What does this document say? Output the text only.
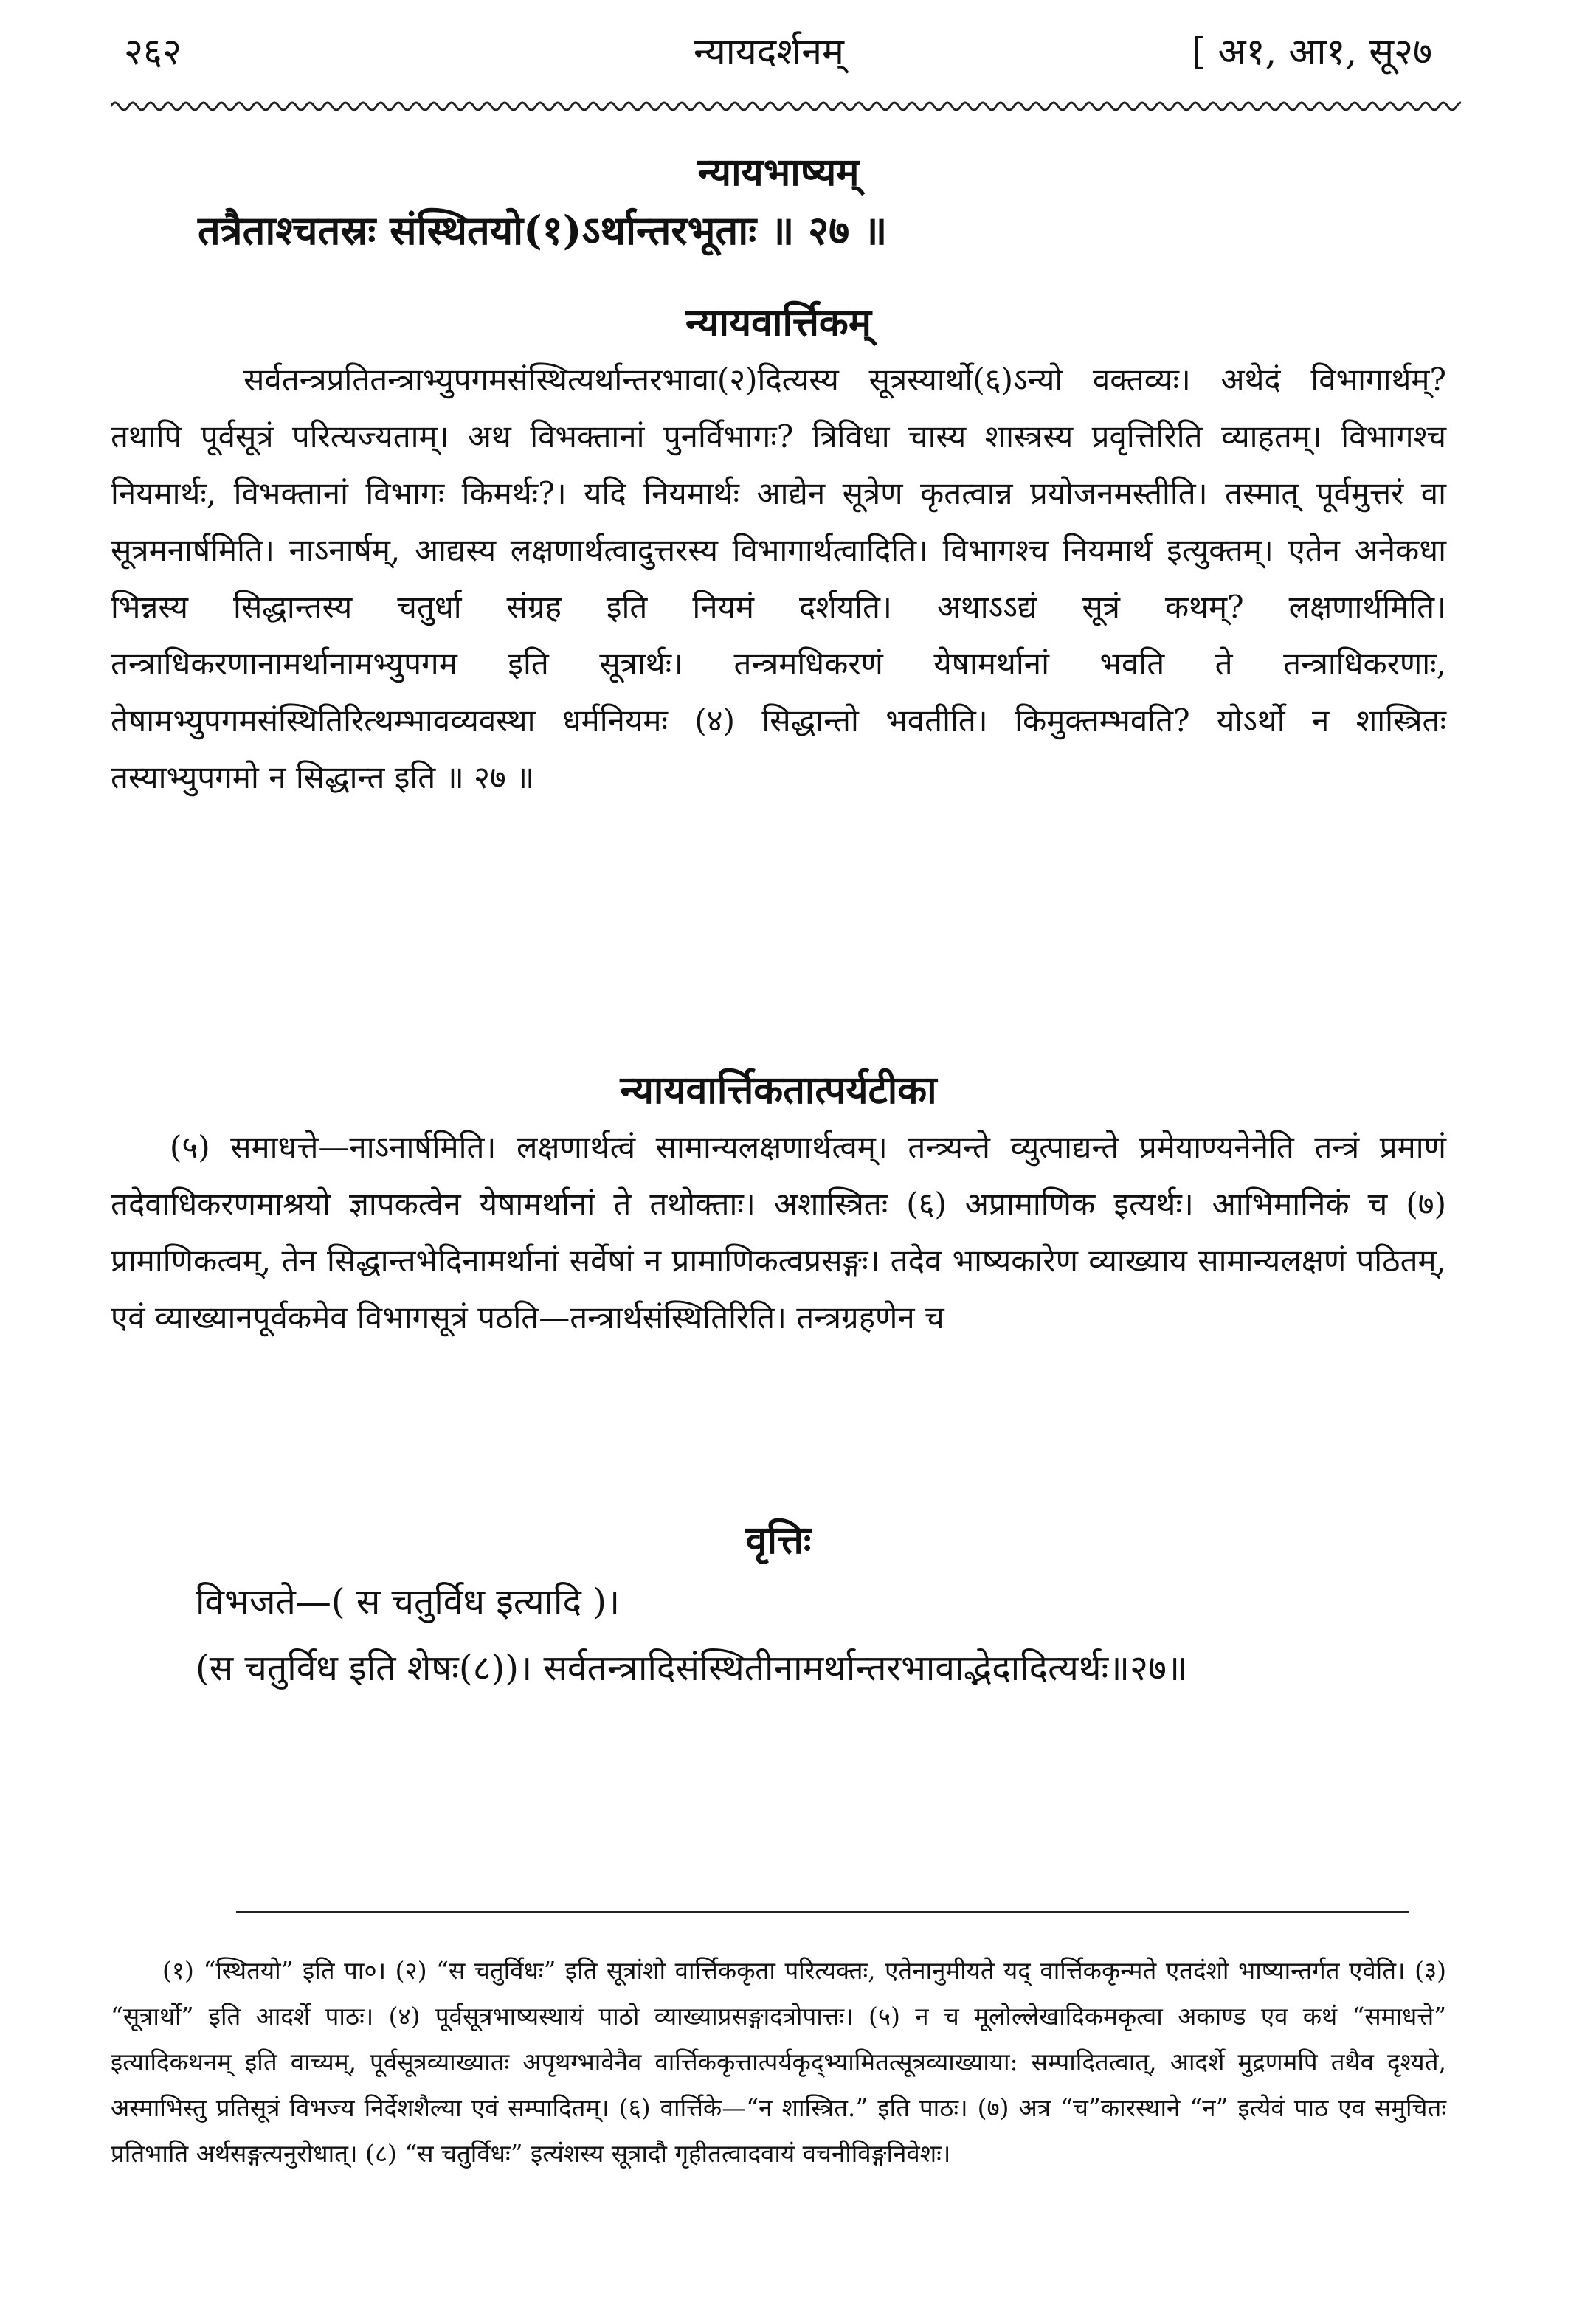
२६२	न्यायदर्शनम्	[ अ१, आ१, सू२७
न्यायभाष्यम्
तत्रैताश्चतस्रः संस्थितयो(१)ऽर्थान्तरभूताः ॥ २७ ॥
न्यायवार्त्तिकम्
सर्वतन्त्रप्रतितन्त्राभ्युपगमसंस्थित्यर्थान्तरभावा(२)दित्यस्य सूत्रस्यार्थो(६)ऽन्यो वक्तव्यः। अथेदं विभागार्थम्? तथापि पूर्वसूत्रं परित्यज्यताम्। अथ विभक्तानां पुनर्विभागः? त्रिविधा चास्य शास्त्रस्य प्रवृत्तिरिति व्याहतम्। विभागश्च नियमार्थः, विभक्तानां विभागः किमर्थः?। यदि नियमार्थः आद्येन सूत्रेण कृतत्वान्न प्रयोजनमस्तीति। तस्मात् पूर्वमुत्तरं वा सूत्रमनार्षमिति। नाऽनार्षम्, आद्यस्य लक्षणार्थत्वादुत्तरस्य विभागार्थत्वादिति। विभागश्च नियमार्थ इत्युक्तम्। एतेन अनेकधा भिन्नस्य सिद्धान्तस्य चतुर्धा संग्रह इति नियमं दर्शयति। अथाऽऽद्यं सूत्रं कथम्? लक्षणार्थमिति। तन्त्राधिकरणानामर्थानामभ्युपगम इति सूत्रार्थः। तन्त्रमधिकरणं येषामर्थानां भवति ते तन्त्राधिकरणाः, तेषामभ्युपगमसंस्थितिरित्थम्भावव्यवस्था धर्मनियमः (४) सिद्धान्तो भवतीति। किमुक्तम्भवति? योऽर्थो न शास्त्रितः तस्याभ्युपगमो न सिद्धान्त इति ॥ २७ ॥
न्यायवार्त्तिकतात्पर्यटीका
(५) समाधत्ते—नाऽनार्षमिति। लक्षणार्थत्वं सामान्यलक्षणार्थत्वम्। तन्त्र्यन्ते व्युत्पाद्यन्ते प्रमेयाण्यनेनेति तन्त्रं प्रमाणं तदेवाधिकरणमाश्रयो ज्ञापकत्वेन येषामर्थानां ते तथोक्ताः। अशास्त्रितः (६) अप्रामाणिक इत्यर्थः। आभिमानिकं च (७) प्रामाणिकत्वम्, तेन सिद्धान्तभेदिनामर्थानां सर्वेषां न प्रामाणिकत्वप्रसङ्गः। तदेव भाष्यकारेण व्याख्याय सामान्यलक्षणं पठितम्, एवं व्याख्यानपूर्वकमेव विभागसूत्रं पठति—तन्त्रार्थसंस्थितिरिति। तन्त्रग्रहणेन च
वृत्तिः
विभजते—( स चतुर्विध इत्यादि )।
(स चतुर्विध इति शेषः(८))। सर्वतन्त्रादिसंस्थितीनामर्थान्तरभावाद्भेदादित्यर्थः॥२७॥
(१) “स्थितयो” इति पा०। (२) “स चतुर्विधः” इति सूत्रांशो वार्त्तिककृता परित्यक्तः, एतेनानुमीयते यद् वार्त्तिककृन्मते एतदंशो भाष्यान्तर्गत एवेति। (३) “सूत्रार्थो” इति आदर्शे पाठः। (४) पूर्वसूत्रभाष्यस्थायं पाठो व्याख्याप्रसङ्गादत्रोपात्तः। (५) न च मूलोल्लेखादिकमकृत्वा अकाण्ड एव कथं “समाधत्ते” इत्यादिकथनम् इति वाच्यम्, पूर्वसूत्रव्याख्यातः अपृथग्भावेनैव वार्त्तिककृत्तात्पर्यकृद्भ्यामितत्सूत्रव्याख्याया: सम्पादितत्वात्, आदर्शे मुद्रणमपि तथैव दृश्यते, अस्माभिस्तु प्रतिसूत्रं विभज्य निर्देशशैल्या एवं सम्पादितम्। (६) वार्त्तिके—“न शास्त्रित.” इति पाठः। (७) अत्र “च”कारस्थाने “न” इत्येवं पाठ एव समुचितः प्रतिभाति अर्थसङ्गत्यनुरोधात्। (८) “स चतुर्विधः” इत्यंशस्य सूत्रादौ गृहीतत्वादवायं वचनीविङ्गनिवेशः।
